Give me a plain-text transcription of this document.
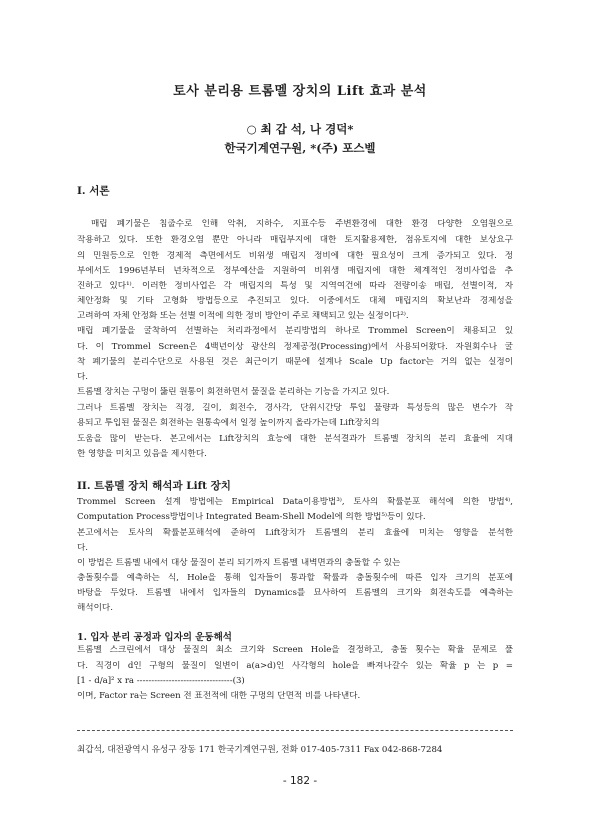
토사 분리용 트롬멜 장치의 Lift 효과 분석
○ 최 갑 석, 나 경덕*
한국기계연구원, *(주) 포스벨
I. 서론
매립 폐기물은 침출수로 인해 악취, 지하수, 지표수등 주변환경에 대한 환경 다양한 오염원으로
작용하고 있다. 또한 환경오염 뿐만 아니라 매립부지에 대한 토지활용제한, 점유토지에 대한 보상요구
의 민원등으로 인한 경제적 측면에서도 비위생 매립지 정비에 대한 필요성이 크게 증가되고 있다. 정
부에서도 1996년부터 년차적으로 정부예산을 지원하여 비위생 매립지에 대한 체계적인 정비사업을 추
진하고 있다¹⁾. 이러한 정비사업은 각 매립지의 특성 및 지역여건에 따라 전량이송 매립, 선별이적, 자
체안정화 및 기타 고형화 방법등으로 추진되고 있다. 이중에서도 대체 매립지의 확보난과 경제성을
고려하여 자체 안정화 또는 선별 이적에 의한 정비 방안이 주로 채택되고 있는 실정이다²⁾.
매립 폐기물을 굴착하여 선별하는 처리과정에서 분리방법의 하나로 Trommel Screen이 채용되고 있
다. 이 Trommel Screen은 4백년이상 광산의 정제공정(Processing)에서 사용되어왔다. 자원회수나 굴
착 폐기물의 분리수단으로 사용된 것은 최근이기 때문에 설계나 Scale Up factor는 거의 없는 실정이
다.
트롬멜 장치는 구멍이 뚫린 원통이 회전하면서 물질을 분리하는 기능을 가지고 있다.
그러나 트롬멜 장치는 직경, 길이, 회전수, 경사각, 단위시간당 투입 물량과 특성등의 많은 변수가 작
용되고 투입된 물질은 회전하는 원통속에서 일정 높이까지 올라가는데 Lift장치의
도움을 많이 받는다. 본고에서는 Lift장치의 효능에 대한 분석결과가 트롬멜 장치의 분리 효율에 지대
한 영향을 미치고 있음을 제시한다.
II. 트롬멜 장치 해석과 Lift 장치
Trommel Screen 설계 방법에는 Empirical Data이용방법³⁾, 토사의 확률분포 해석에 의한 방법⁴⁾,
Computation Process방법이나 Integrated Beam-Shell Model에 의한 방법⁵⁾등이 있다.
본고에서는 토사의 확률분포해석에 준하여 Lift장치가 트롬멜의 분리 효율에 미치는 영향을 분석한
다.
이 방법은 트롬멜 내에서 대상 물질이 분리 되기까지 트롬멜 내벽면과의 충돌할 수 있는
충돌횟수를 예측하는 식, Hole을 통해 입자들이 통과할 확률과 충돌횟수에 따른 입자 크기의 분포에
바탕을 두었다. 트롬멜 내에서 입자들의 Dynamics를 묘사하여 트롬멜의 크기와 회전속도를 예측하는
해석이다.
1. 입자 분리 공정과 입자의 운동해석
트롬멜 스크린에서 대상 물질의 최소 크기와 Screen Hole을 결정하고, 충돌 횟수는 확율 문제로 풀
다. 직경이 d인 구형의 물질이 일변이 a(a>d)인 사각형의 hole을 빠져나갈수 있는 확율 p 는 p =
[1 - d/a]² x ra ---------------------------------(3)
이며, Factor ra는 Screen 전 표전적에 대한 구멍의 단면적 비를 나타낸다.
최갑석, 대전광역시 유성구 장동 171 한국기계연구원, 전화 017-405-7311 Fax 042-868-7284
- 182 -
